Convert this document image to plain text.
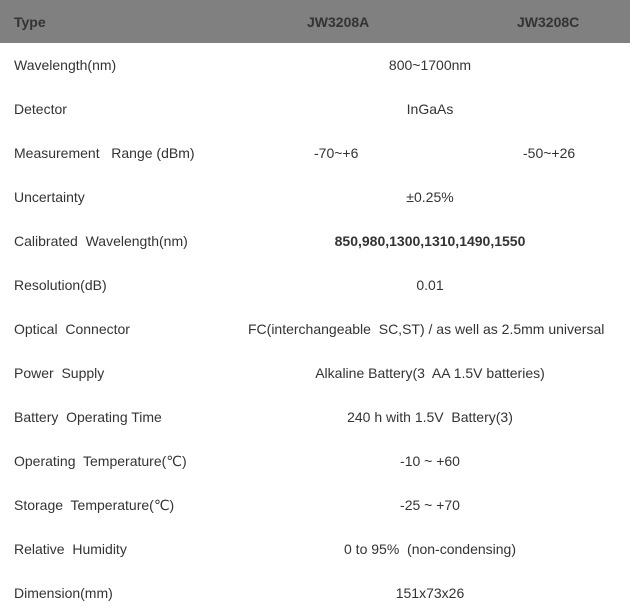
Type	JW3208A	JW3208C
Wavelength(nm)	800~1700nm	
Detector	InGaAs	
Measurement   Range (dBm)	-70~+6	-50~+26
Uncertainty	±0.25%	
Calibrated  Wavelength(nm)	850,980,1300,1310,1490,1550	
Resolution(dB)	0.01	
Optical  Connector	FC(interchangeable  SC,ST) / as well as 2.5mm universal	
Power  Supply	Alkaline Battery(3  AA 1.5V batteries)	
Battery  Operating Time	240 h with 1.5V  Battery(3)	
Operating  Temperature(℃)	-10 ~ +60	
Storage  Temperature(℃)	-25 ~ +70	
Relative  Humidity	0 to 95%  (non-condensing)	
Dimension(mm)	151x73x26	
